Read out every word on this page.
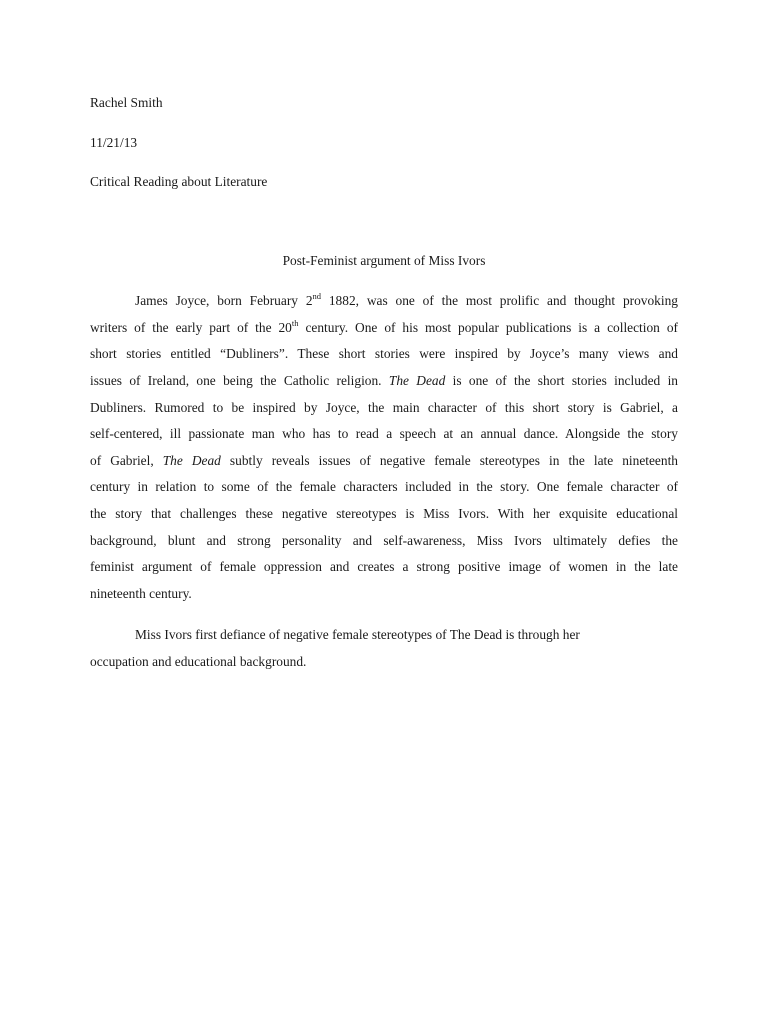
Rachel Smith
11/21/13
Critical Reading about Literature
Post-Feminist argument of Miss Ivors
James Joyce, born February 2nd 1882, was one of the most prolific and thought provoking
writers of the early part of the 20th century. One of his most popular publications is a collection of
short stories entitled “Dubliners”. These short stories were inspired by Joyce’s many views and
issues of Ireland, one being the Catholic religion. The Dead is one of the short stories included in
Dubliners. Rumored to be inspired by Joyce, the main character of this short story is Gabriel, a
self-centered, ill passionate man who has to read a speech at an annual dance. Alongside the story
of Gabriel, The Dead subtly reveals issues of negative female stereotypes in the late nineteenth
century in relation to some of the female characters included in the story. One female character of
the story that challenges these negative stereotypes is Miss Ivors. With her exquisite educational
background, blunt and strong personality and self-awareness, Miss Ivors ultimately defies the
feminist argument of female oppression and creates a strong positive image of women in the late
nineteenth century.
Miss Ivors first defiance of negative female stereotypes of The Dead is through her
occupation and educational background.
